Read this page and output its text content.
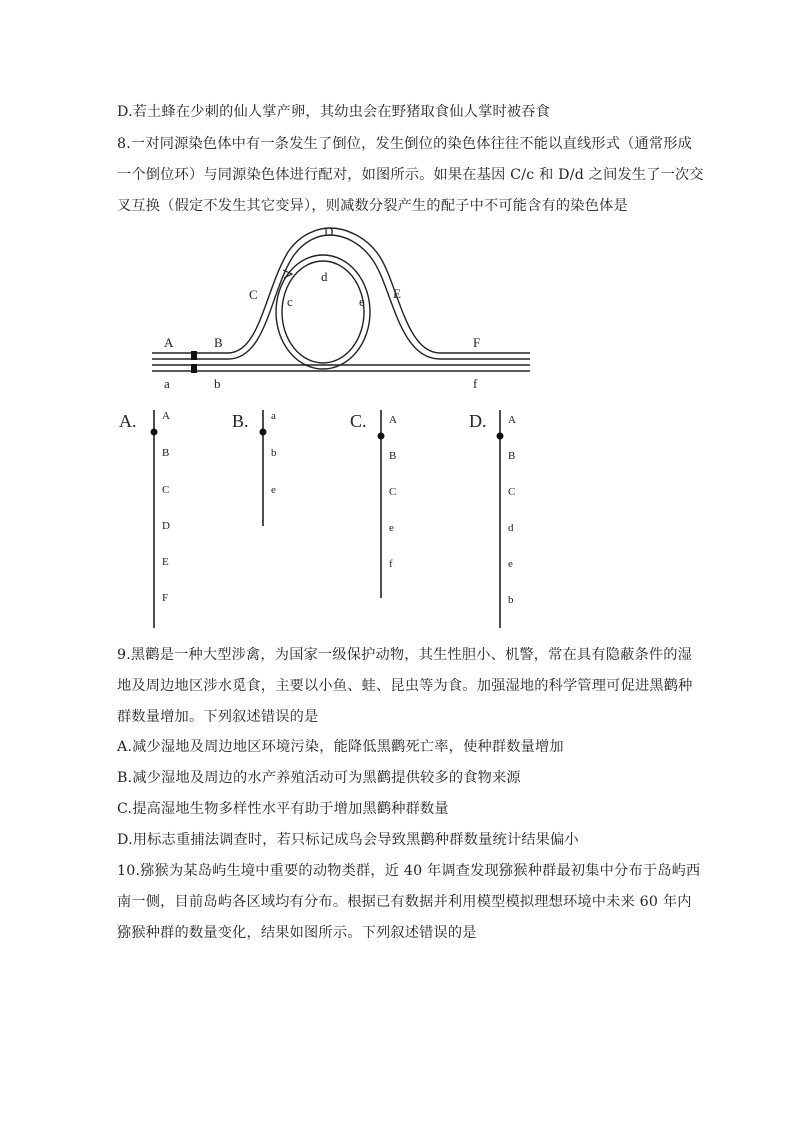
D.若土蜂在少刺的仙人掌产卵，其幼虫会在野猪取食仙人掌时被吞食
8.一对同源染色体中有一条发生了倒位，发生倒位的染色体往往不能以直线形式（通常形成
一个倒位环）与同源染色体进行配对，如图所示。如果在基因 C/c 和 D/d 之间发生了一次交
叉互换（假定不发生其它变异），则减数分裂产生的配子中不可能含有的染色体是
A	B
C
D
E
F
c
d
e
a	b	f
A.	B.	C.	D.
A
B
C
D
E
F
a
b
e
A
B
C
e
f
A
B
C
d
e
b
9.黑鹳是一种大型涉禽，为国家一级保护动物，其生性胆小、机警，常在具有隐蔽条件的湿
地及周边地区涉水觅食，主要以小鱼、蛙、昆虫等为食。加强湿地的科学管理可促进黑鹳种
群数量增加。下列叙述错误的是
A.减少湿地及周边地区环境污染，能降低黑鹳死亡率，使种群数量增加
B.减少湿地及周边的水产养殖活动可为黑鹳提供较多的食物来源
C.提高湿地生物多样性水平有助于增加黑鹳种群数量
D.用标志重捕法调查时，若只标记成鸟会导致黑鹳种群数量统计结果偏小
10.猕猴为某岛屿生境中重要的动物类群，近 40 年调查发现猕猴种群最初集中分布于岛屿西
南一侧，目前岛屿各区域均有分布。根据已有数据并利用模型模拟理想环境中未来 60 年内
猕猴种群的数量变化，结果如图所示。下列叙述错误的是
